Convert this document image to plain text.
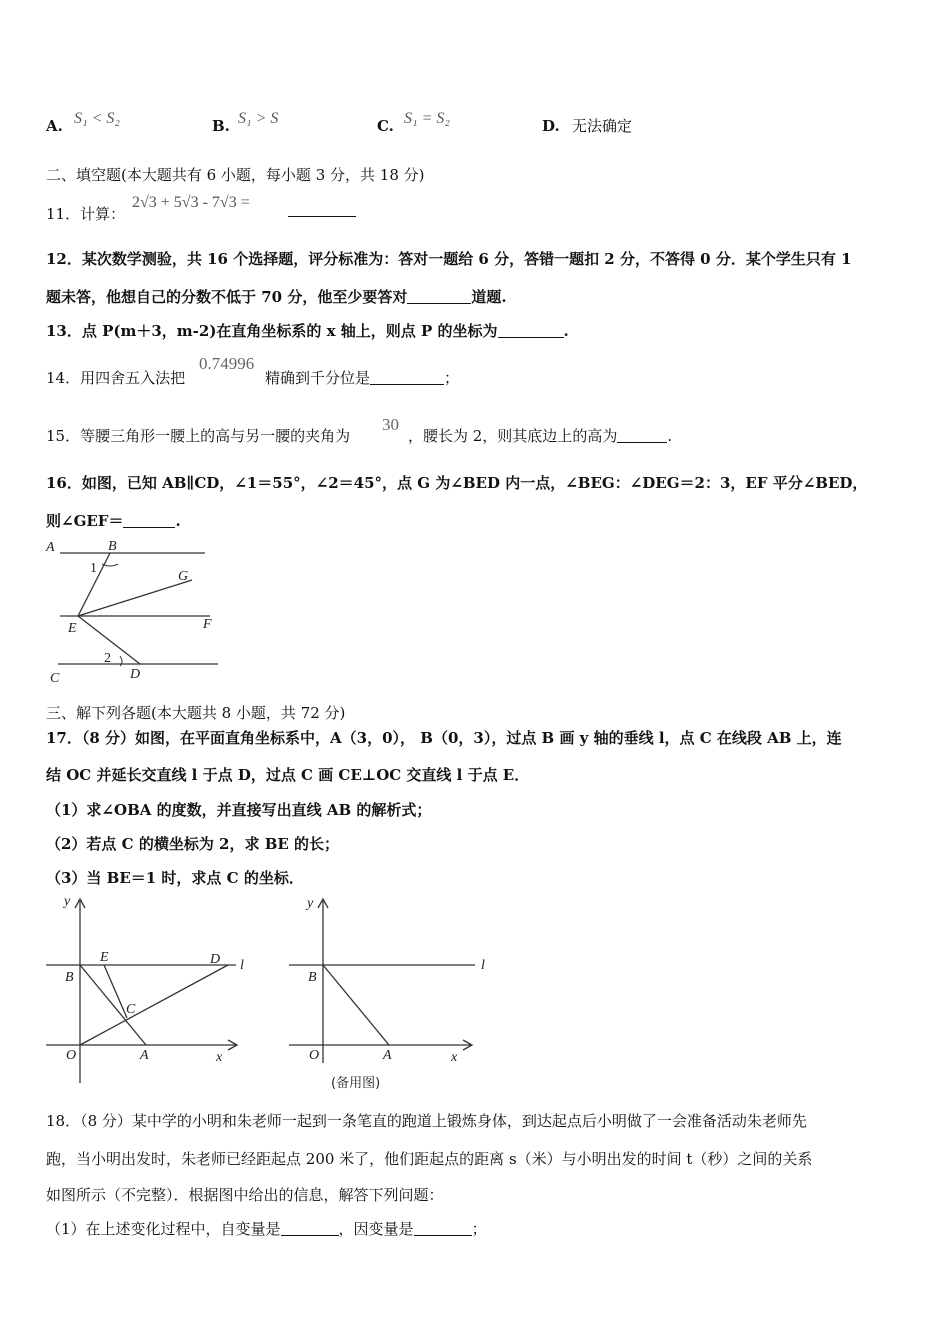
A. S₁ < S₂	B. S₁ > S	C. S₁ = S₂	D. 无法确定
二、填空题(本大题共有 6 小题，每小题 3 分，共 18 分)
11．计算：
2√3 + 5√3 - 7√3 =
12．某次数学测验，共 16 个选择题，评分标准为：答对一题给 6 分，答错一题扣 2 分，不答得 0 分．某个学生只有 1
题未答，他想自己的分数不低于 70 分，他至少要答对	道题.
13．点 P(m＋3，m-2)在直角坐标系的 x 轴上，则点 P 的坐标为	.
14．用四舍五入法把
0.74996
精确到千分位是	；
15．等腰三角形一腰上的高与另一腰的夹角为
30
，腰长为 2，则其底边上的高为	.
16．如图，已知 AB∥CD，∠1＝55°，∠2＝45°，点 G 为∠BED 内一点，∠BEG：∠DEG＝2：3，EF 平分∠BED，
则∠GEF＝	.
A	B
1
G
E	F
2
D
C
三、解下列各题(本大题共 8 小题，共 72 分)
17．（8 分）如图，在平面直角坐标系中，A（3，0）， B（0，3），过点 B 画 y 轴的垂线 l，点 C 在线段 AB 上，连
结 OC 并延长交直线 l 于点 D，过点 C 画 CE⊥OC 交直线 l 于点 E．
（1）求∠OBA 的度数，并直接写出直线 AB 的解析式；
（2）若点 C 的横坐标为 2，求 BE 的长；
（3）当 BE＝1 时，求点 C 的坐标．
y
E	D l
B
C
O	A	x
y
l
B
O	A	x
(备用图)
18．（8 分）某中学的小明和朱老师一起到一条笔直的跑道上锻炼身体，到达起点后小明做了一会准备活动朱老师先
跑，当小明出发时，朱老师已经距起点 200 米了，他们距起点的距离 s（米）与小明出发的时间 t（秒）之间的关系
如图所示（不完整）．根据图中给出的信息，解答下列问题：
（1）在上述变化过程中，自变量是	，因变量是	；
